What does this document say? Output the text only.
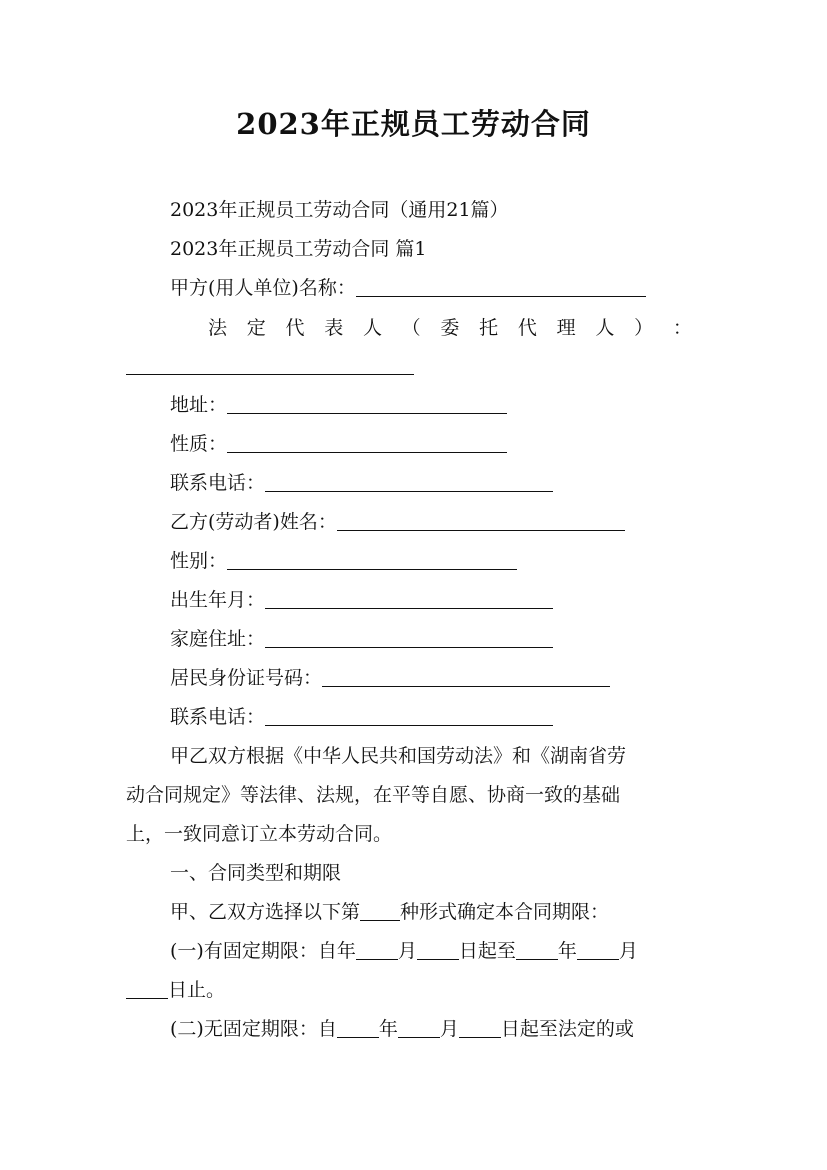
2023年正规员工劳动合同
2023年正规员工劳动合同（通用21篇）
2023年正规员工劳动合同 篇1
甲方(用人单位)名称：
法 定 代 表 人 （ 委 托 代 理 人 ） ：
地址：
性质：
联系电话：
乙方(劳动者)姓名：
性别：
出生年月：
家庭住址：
居民身份证号码：
联系电话：
甲乙双方根据《中华人民共和国劳动法》和《湖南省劳
动合同规定》等法律、法规，在平等自愿、协商一致的基础
上，一致同意订立本劳动合同。
一、合同类型和期限
甲、乙双方选择以下第 种形式确定本合同期限：
(一)有固定期限：自年 月 日起至 年 月
日止。
(二)无固定期限：自 年 月 日起至法定的或
